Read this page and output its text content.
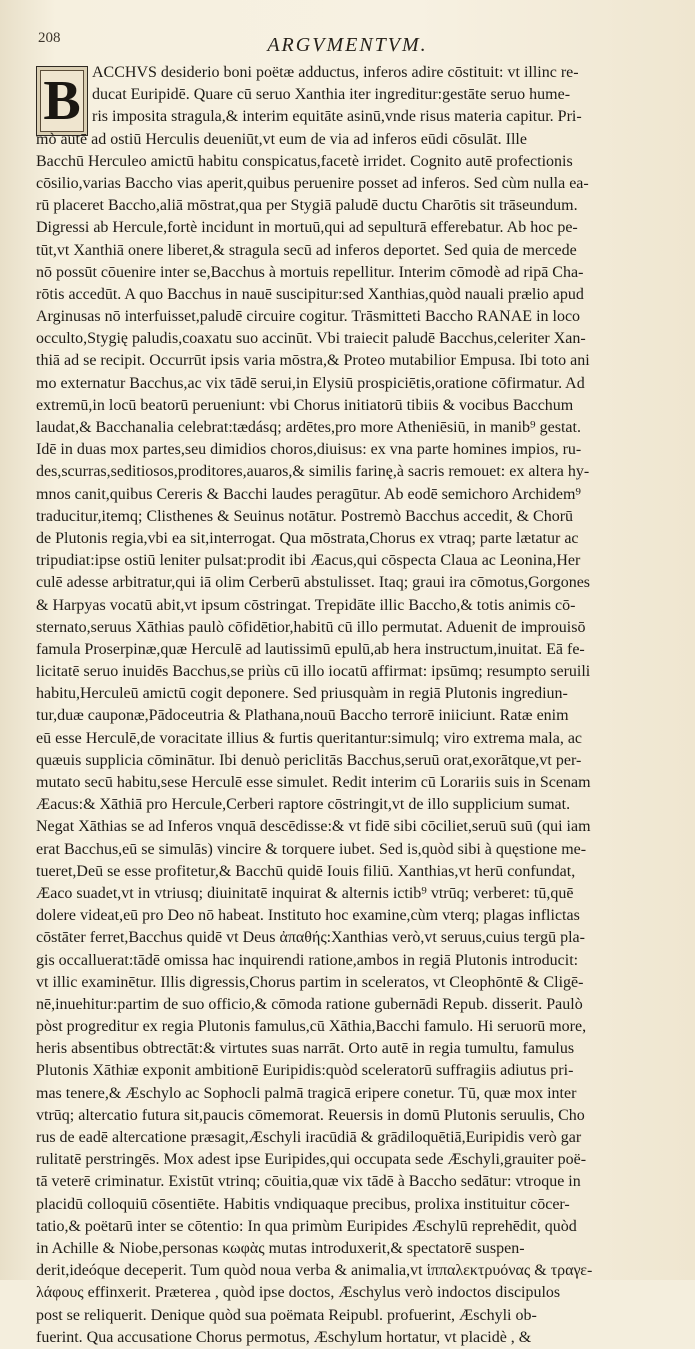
208	ARGVMENTVM.
B ACCHVS desiderio boni poëtæ adductus, inferos adire cōstituit: vt illinc re-
ducat Euripidē. Quare cū seruo Xanthia iter ingreditur:gestāte seruo hume-
ris imposita stragula,& interim equitāte asinū,vnde risus materia capitur. Pri-
mò autē ad ostiū Herculis deueniūt,vt eum de via ad inferos eūdi cōsulāt. Ille
Bacchū Herculeo amictū habitu conspicatus,facetè irridet. Cognito autē profectionis
cōsilio,varias Baccho vias aperit,quibus peruenire posset ad inferos. Sed cùm nulla ea-
rū placeret Baccho,aliā mōstrat,qua per Stygiā paludē ductu Charōtis sit trāseundum.
Digressi ab Hercule,fortè incidunt in mortuū,qui ad sepulturā efferebatur. Ab hoc pe-
tūt,vt Xanthiā onere liberet,& stragula secū ad inferos deportet. Sed quia de mercede
nō possūt cōuenire inter se,Bacchus à mortuis repellitur. Interim cōmodè ad ripā Cha-
rōtis accedūt. A quo Bacchus in nauē suscipitur:sed Xanthias,quòd nauali prælio apud
Arginusas nō interfuisset,paludē circuire cogitur. Trāsmitteti Baccho RANAE in loco
occulto,Stygię paludis,coaxatu suo accinūt. Vbi traiecit paludē Bacchus,celeriter Xan-
thiā ad se recipit. Occurrūt ipsis varia mōstra,& Proteo mutabilior Empusa. Ibi toto ani
mo externatur Bacchus,ac vix tādē serui,in Elysiū prospiciētis,oratione cōfirmatur. Ad
extremū,in locū beatorū perueniunt: vbi Chorus initiatorū tibiis & vocibus Bacchum
laudat,& Bacchanalia celebrat:tædásq; ardētes,pro more Atheniēsiū, in manib⁹ gestat.
Idē in duas mox partes,seu dimidios choros,diuisus: ex vna parte homines impios, ru-
des,scurras,seditiosos,proditores,auaros,& similis farinę,à sacris remouet: ex altera hy-
mnos canit,quibus Cereris & Bacchi laudes peragūtur. Ab eodē semichoro Archidem⁹
traducitur,itemq; Clisthenes & Seuinus notātur. Postremò Bacchus accedit, & Chorū
de Plutonis regia,vbi ea sit,interrogat. Qua mōstrata,Chorus ex vtraq; parte lætatur ac
tripudiat:ipse ostiū leniter pulsat:prodit ibi Æacus,qui cōspecta Claua ac Leonina,Her
culē adesse arbitratur,qui iā olim Cerberū abstulisset. Itaq; graui ira cōmotus,Gorgones
& Harpyas vocatū abit,vt ipsum cōstringat. Trepidāte illic Baccho,& totis animis cō-
sternato,seruus Xāthias paulò cōfidētior,habitū cū illo permutat. Aduenit de improuisō
famula Proserpinæ,quæ Herculē ad lautissimū epulū,ab hera instructum,inuitat. Eā fe-
licitatē seruo inuidēs Bacchus,se priùs cū illo iocatū affirmat: ipsūmq; resumpto seruili
habitu,Herculeū amictū cogit deponere. Sed priusquàm in regiā Plutonis ingrediun-
tur,duæ cauponæ,Pādoceutria & Plathana,nouū Baccho terrorē iniiciunt. Ratæ enim
eū esse Herculē,de voracitate illius & furtis queritantur:simulq; viro extrema mala, ac
quæuis supplicia cōminātur. Ibi denuò periclitās Bacchus,seruū orat,exorātque,vt per-
mutato secū habitu,sese Herculē esse simulet. Redit interim cū Lorariis suis in Scenam
Æacus:& Xāthiā pro Hercule,Cerberi raptore cōstringit,vt de illo supplicium sumat.
Negat Xāthias se ad Inferos vnquā descēdisse:& vt fidē sibi cōciliet,seruū suū (qui iam
erat Bacchus,eū se simulās) vincire & torquere iubet. Sed is,quòd sibi à quęstione me-
tueret,Deū se esse profitetur,& Bacchū quidē Iouis filiū. Xanthias,vt herū confundat,
Æaco suadet,vt in vtriusq; diuinitatē inquirat & alternis ictib⁹ vtrūq; verberet: tū,quē
dolere videat,eū pro Deo nō habeat. Instituto hoc examine,cùm vterq; plagas inflictas
cōstāter ferret,Bacchus quidē vt Deus ἀπαθής:Xanthias verò,vt seruus,cuius tergū pla-
gis occalluerat:tādē omissa hac inquirendi ratione,ambos in regiā Plutonis introducit:
vt illic examinētur. Illis digressis,Chorus partim in sceleratos, vt Cleophōntē & Cligē-
nē,inuehitur:partim de suo officio,& cōmoda ratione gubernādi Repub. disserit. Paulò
pòst progreditur ex regia Plutonis famulus,cū Xāthia,Bacchi famulo. Hi seruorū more,
heris absentibus obtrectāt:& virtutes suas narrāt. Orto autē in regia tumultu, famulus
Plutonis Xāthiæ exponit ambitionē Euripidis:quòd sceleratorū suffragiis adiutus pri-
mas tenere,& Æschylo ac Sophocli palmā tragicā eripere conetur. Tū, quæ mox inter
vtrūq; altercatio futura sit,paucis cōmemorat. Reuersis in domū Plutonis seruulis, Cho
rus de eadē altercatione præsagit,Æschyli iracūdiā & grādiloquētiā,Euripidis verò gar
rulitatē perstringēs. Mox adest ipse Euripides,qui occupata sede Æschyli,grauiter poë-
tā veterē criminatur. Existūt vtrinq; cōuitia,quæ vix tādē à Baccho sedātur: vtroque in
placidū colloquiū cōsentiēte. Habitis vndiquaque precibus, prolixa instituitur cōcer-
tatio,& poëtarū inter se cōtentio: In qua primùm Euripides Æschylū reprehēdit, quòd
in Achille & Niobe,personas κωφὰς mutas introduxerit,& spectatorē suspen-
derit,ideóque deceperit. Tum quòd noua verba & animalia,vt ἱππαλεκτρυόνας & τραγε-
λάφους effinxerit. Præterea , quòd ipse doctos, Æschylus verò indoctos discipulos
post se reliquerit. Denique quòd sua poëmata Reipubl. profuerint, Æschyli ob-
fuerint. Qua accusatione Chorus permotus, Æschylum hortatur, vt placidè , &
